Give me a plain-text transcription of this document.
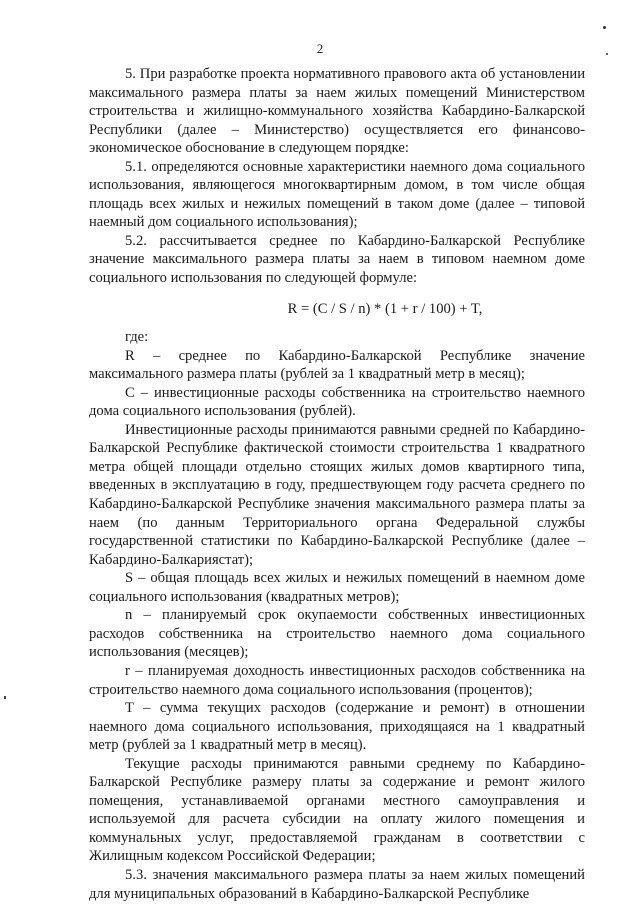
2

5. При разработке проекта нормативного правового акта об установлении максимального размера платы за наем жилых помещений Министерством строительства и жилищно-коммунального хозяйства Кабардино-Балкарской Республики (далее – Министерство) осуществляется его финансово-экономическое обоснование в следующем порядке:

5.1. определяются основные характеристики наемного дома социального использования, являющегося многоквартирным домом, в том числе общая площадь всех жилых и нежилых помещений в таком доме (далее – типовой наемный дом социального использования);

5.2. рассчитывается среднее по Кабардино-Балкарской Республике значение максимального размера платы за наем в типовом наемном доме социального использования по следующей формуле:

R = (C / S / n) * (1 + r / 100) + T,

где:

R – среднее по Кабардино-Балкарской Республике значение максимального размера платы (рублей за 1 квадратный метр в месяц);

C – инвестиционные расходы собственника на строительство наемного дома социального использования (рублей).

Инвестиционные расходы принимаются равными средней по Кабардино-Балкарской Республике фактической стоимости строительства 1 квадратного метра общей площади отдельно стоящих жилых домов квартирного типа, введенных в эксплуатацию в году, предшествующем году расчета среднего по Кабардино-Балкарской Республике значения максимального размера платы за наем (по данным Территориального органа Федеральной службы государственной статистики по Кабардино-Балкарской Республике (далее – Кабардино-Балкариястат);

S – общая площадь всех жилых и нежилых помещений в наемном доме социального использования (квадратных метров);

n – планируемый срок окупаемости собственных инвестиционных расходов собственника на строительство наемного дома социального использования (месяцев);

r – планируемая доходность инвестиционных расходов собственника на строительство наемного дома социального использования (процентов);

T – сумма текущих расходов (содержание и ремонт) в отношении наемного дома социального использования, приходящаяся на 1 квадратный метр (рублей за 1 квадратный метр в месяц).

Текущие расходы принимаются равными среднему по Кабардино-Балкарской Республике размеру платы за содержание и ремонт жилого помещения, устанавливаемой органами местного самоуправления и используемой для расчета субсидии на оплату жилого помещения и коммунальных услуг, предоставляемой гражданам в соответствии с Жилищным кодексом Российской Федерации;

5.3. значения максимального размера платы за наем жилых помещений для муниципальных образований в Кабардино-Балкарской Республике
